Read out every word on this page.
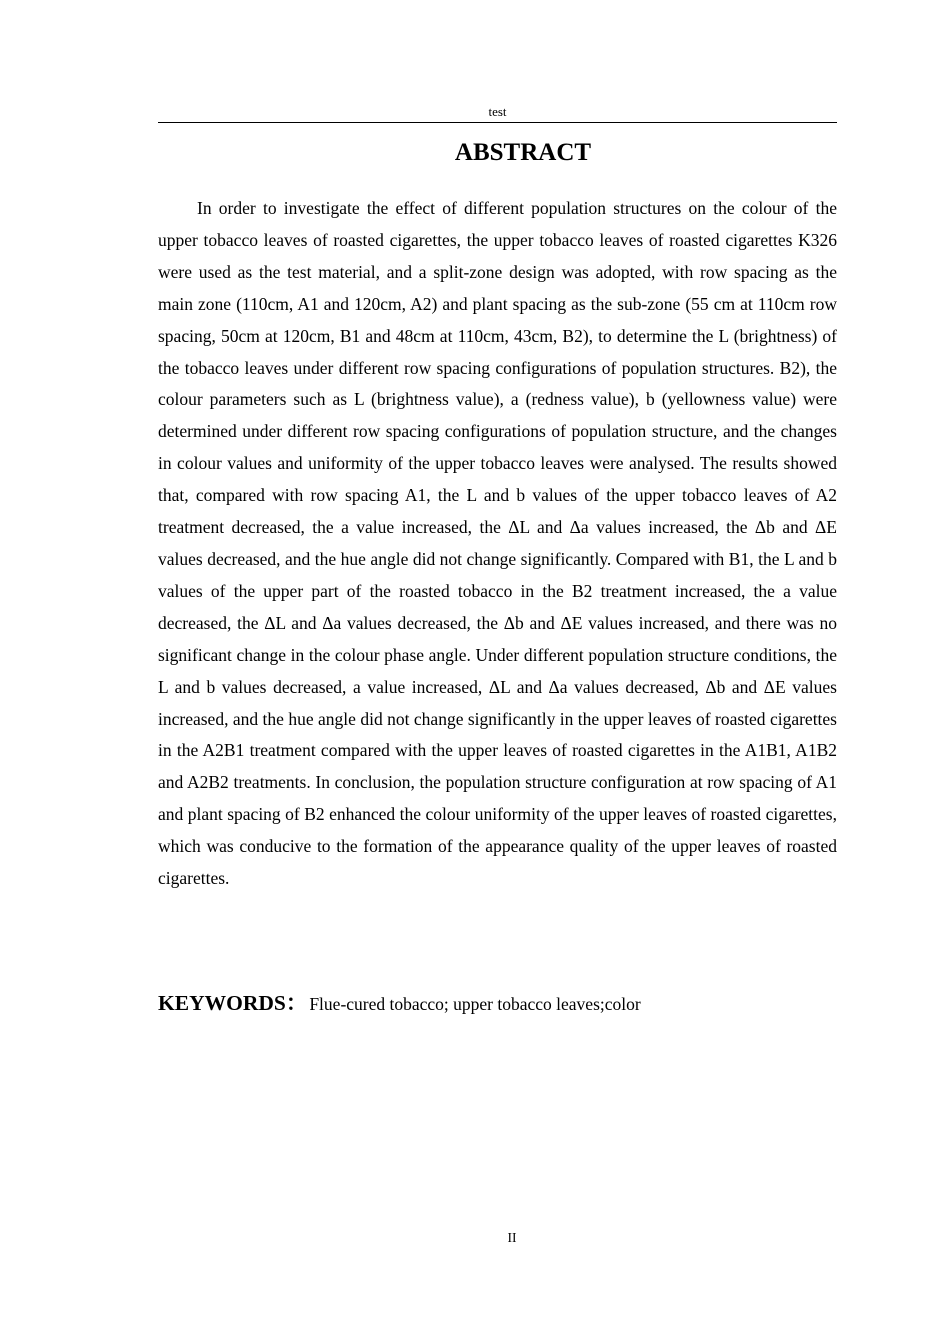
test
ABSTRACT

In order to investigate the effect of different population structures on the colour of the upper tobacco leaves of roasted cigarettes, the upper tobacco leaves of roasted cigarettes K326 were used as the test material, and a split-zone design was adopted, with row spacing as the main zone (110cm, A1 and 120cm, A2) and plant spacing as the sub-zone (55 cm at 110cm row spacing, 50cm at 120cm, B1 and 48cm at 110cm, 43cm, B2), to determine the L (brightness) of the tobacco leaves under different row spacing configurations of population structures. B2), the colour parameters such as L (brightness value), a (redness value), b (yellowness value) were determined under different row spacing configurations of population structure, and the changes in colour values and uniformity of the upper tobacco leaves were analysed. The results showed that, compared with row spacing A1, the L and b values of the upper tobacco leaves of A2 treatment decreased, the a value increased, the ΔL and Δa values increased, the Δb and ΔE values decreased, and the hue angle did not change significantly. Compared with B1, the L and b values of the upper part of the roasted tobacco in the B2 treatment increased, the a value decreased, the ΔL and Δa values decreased, the Δb and ΔE values increased, and there was no significant change in the colour phase angle. Under different population structure conditions, the L and b values decreased, a value increased, ΔL and Δa values decreased, Δb and ΔE values increased, and the hue angle did not change significantly in the upper leaves of roasted cigarettes in the A2B1 treatment compared with the upper leaves of roasted cigarettes in the A1B1, A1B2 and A2B2 treatments. In conclusion, the population structure configuration at row spacing of A1 and plant spacing of B2 enhanced the colour uniformity of the upper leaves of roasted cigarettes, which was conducive to the formation of the appearance quality of the upper leaves of roasted cigarettes.

KEYWORDS： Flue-cured tobacco; upper tobacco leaves;color
II
